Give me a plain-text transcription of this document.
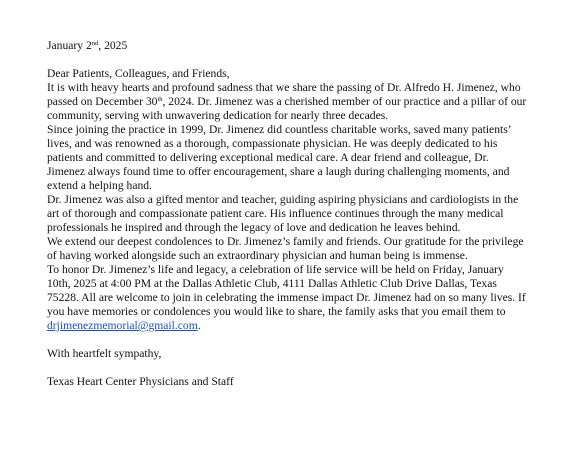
January 2nd, 2025

Dear Patients, Colleagues, and Friends,

It is with heavy hearts and profound sadness that we share the passing of Dr. Alfredo H. Jimenez, who passed on December 30th, 2024. Dr. Jimenez was a cherished member of our practice and a pillar of our community, serving with unwavering dedication for nearly three decades.

Since joining the practice in 1999, Dr. Jimenez did countless charitable works, saved many patients’ lives, and was renowned as a thorough, compassionate physician. He was deeply dedicated to his patients and committed to delivering exceptional medical care. A dear friend and colleague, Dr. Jimenez always found time to offer encouragement, share a laugh during challenging moments, and extend a helping hand.

Dr. Jimenez was also a gifted mentor and teacher, guiding aspiring physicians and cardiologists in the art of thorough and compassionate patient care. His influence continues through the many medical professionals he inspired and through the legacy of love and dedication he leaves behind.

We extend our deepest condolences to Dr. Jimenez’s family and friends. Our gratitude for the privilege of having worked alongside such an extraordinary physician and human being is immense.

To honor Dr. Jimenez’s life and legacy, a celebration of life service will be held on Friday, January 10th, 2025 at 4:00 PM at the Dallas Athletic Club, 4111 Dallas Athletic Club Drive Dallas, Texas 75228. All are welcome to join in celebrating the immense impact Dr. Jimenez had on so many lives. If you have memories or condolences you would like to share, the family asks that you email them to drjimenezmemorial@gmail.com.

With heartfelt sympathy,

Texas Heart Center Physicians and Staff
